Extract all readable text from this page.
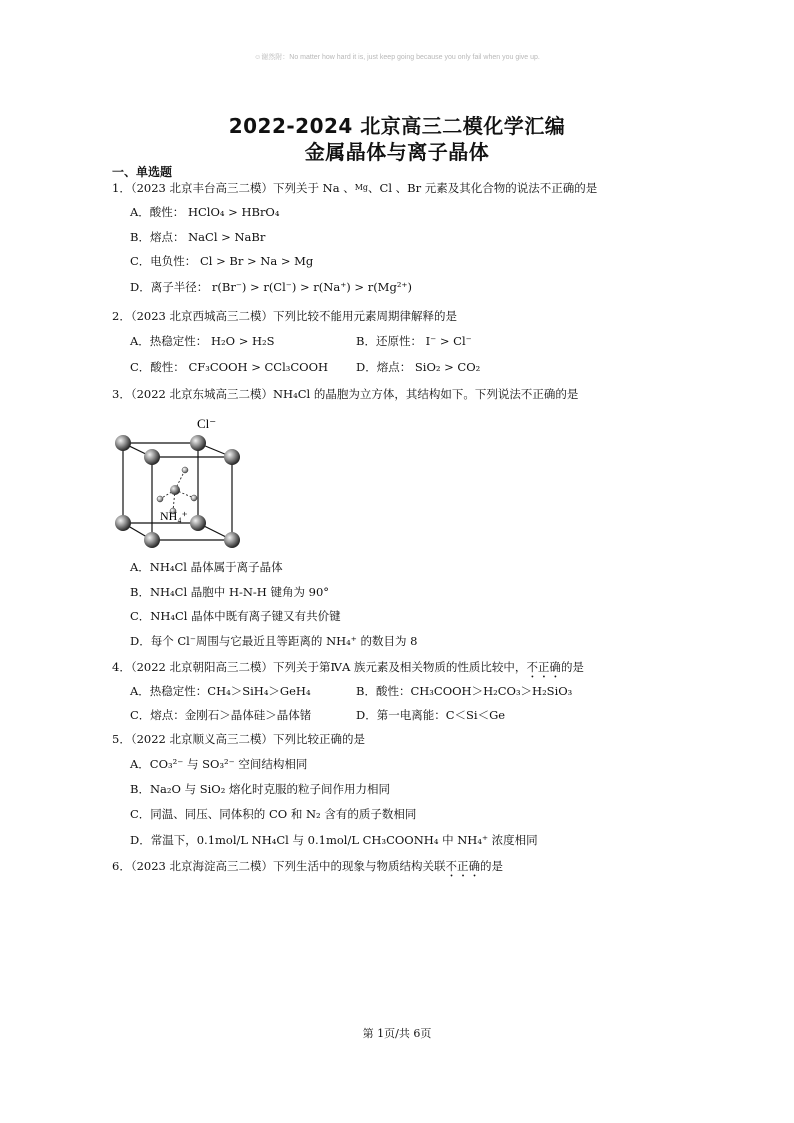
☺谢然附：No matter how hard it is, just keep going because you only fail when you give up.
2022-2024 北京高三二模化学汇编
金属晶体与离子晶体
一、单选题
1．（2023 北京丰台高三二模）下列关于 Na 、Mg、Cl 、Br 元素及其化合物的说法不正确的是
A．酸性： HClO₄ > HBrO₄
B．熔点： NaCl > NaBr
C．电负性： Cl > Br > Na > Mg
D．离子半径： r(Br⁻) > r(Cl⁻) > r(Na⁺) > r(Mg²⁺)
2．（2023 北京西城高三二模）下列比较不能用元素周期律解释的是
A．热稳定性： H₂O > H₂S	B．还原性： I⁻ > Cl⁻
C．酸性： CF₃COOH > CCl₃COOH D．熔点： SiO₂ > CO₂
3．（2022 北京东城高三二模）NH₄Cl 的晶胞为立方体，其结构如下。下列说法不正确的是
Cl⁻
NH₄⁺
A．NH₄Cl 晶体属于离子晶体
B．NH₄Cl 晶胞中 H-N-H 键角为 90°
C．NH₄Cl 晶体中既有离子键又有共价键
D．每个 Cl⁻周围与它最近且等距离的 NH₄⁺ 的数目为 8
4．（2022 北京朝阳高三二模）下列关于第ⅣA 族元素及相关物质的性质比较中，不正确的是
A．热稳定性：CH₄＞SiH₄＞GeH₄	B．酸性：CH₃COOH＞H₂CO₃＞H₂SiO₃
C．熔点：金刚石＞晶体硅＞晶体锗	D．第一电离能：C＜Si＜Ge
5．（2022 北京顺义高三二模）下列比较正确的是
A．CO₃²⁻ 与 SO₃²⁻ 空间结构相同
B．Na₂O 与 SiO₂ 熔化时克服的粒子间作用力相同
C．同温、同压、同体积的 CO 和 N₂ 含有的质子数相同
D．常温下，0.1mol/L NH₄Cl 与 0.1mol/L CH₃COONH₄ 中 NH₄⁺ 浓度相同
6．（2023 北京海淀高三二模）下列生活中的现象与物质结构关联不正确的是
第 1页/共 6页
